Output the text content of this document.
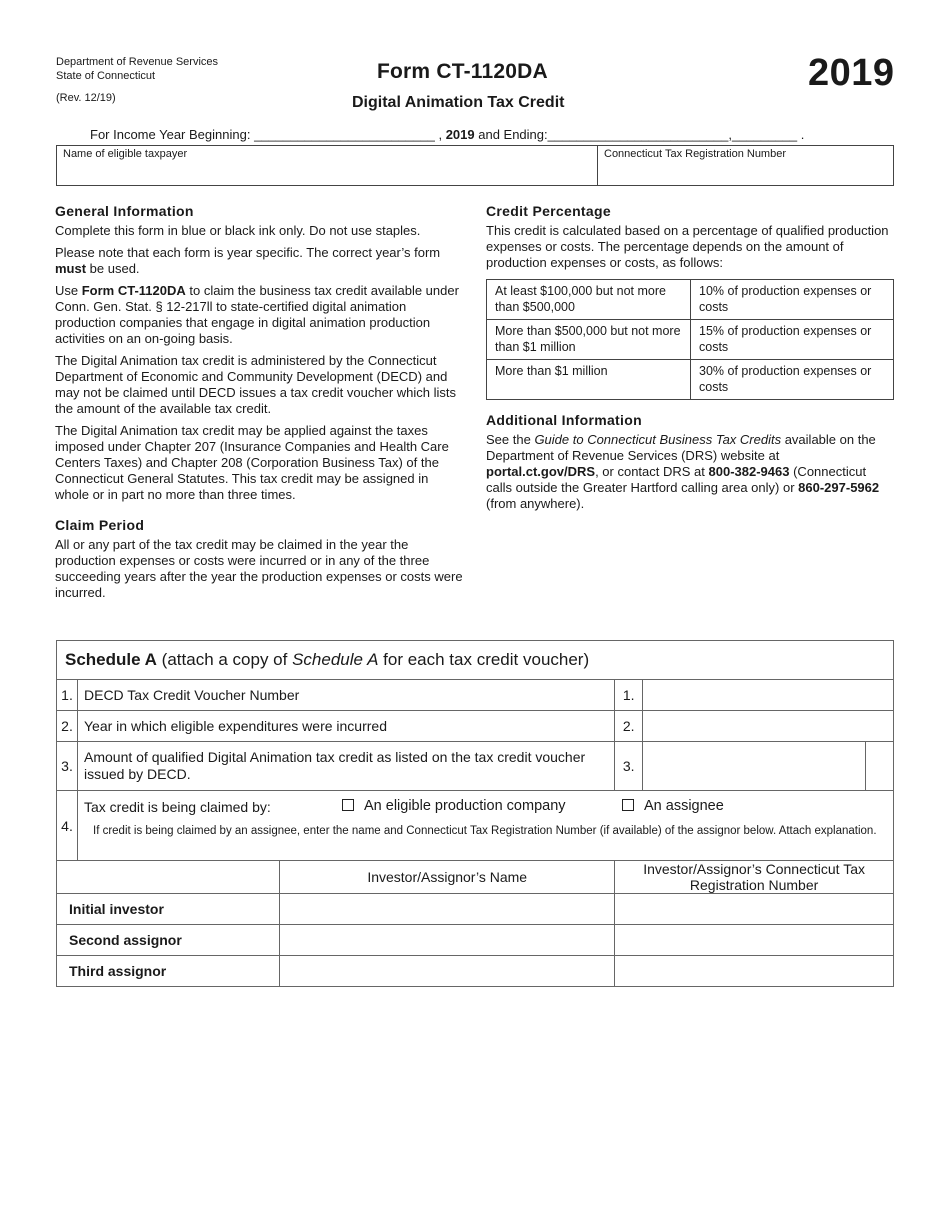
Department of Revenue Services
State of Connecticut
(Rev. 12/19)
Form CT-1120DA
Digital Animation Tax Credit
2019
For Income Year Beginning: _________________________ , 2019 and Ending:_________________________,_________ .
Name of eligible taxpayer	Connecticut Tax Registration Number
General Information

Complete this form in blue or black ink only. Do not use staples.

Please note that each form is year specific. The correct year’s form must be used.

Use Form CT-1120DA to claim the business tax credit available under Conn. Gen. Stat. § 12-217ll to state-certified digital animation production companies that engage in digital animation production activities on an on-going basis.

The Digital Animation tax credit is administered by the Connecticut Department of Economic and Community Development (DECD) and may not be claimed until DECD issues a tax credit voucher which lists the amount of the available tax credit.

The Digital Animation tax credit may be applied against the taxes imposed under Chapter 207 (Insurance Companies and Health Care Centers Taxes) and Chapter 208 (Corporation Business Tax) of the Connecticut General Statutes. This tax credit may be assigned in whole or in part no more than three times.

Claim Period

All or any part of the tax credit may be claimed in the year the production expenses or costs were incurred or in any of the three succeeding years after the year the production expenses or costs were incurred.

Credit Percentage

This credit is calculated based on a percentage of qualified production expenses or costs. The percentage depends on the amount of production expenses or costs, as follows:

At least $100,000 but not more than $500,000	10% of production expenses or costs
More than $500,000 but not more than $1 million	15% of production expenses or costs
More than $1 million	30% of production expenses or costs
Additional Information

See the Guide to Connecticut Business Tax Credits available on the Department of Revenue Services (DRS) website at portal.ct.gov/DRS, or contact DRS at 800-382-9463 (Connecticut calls outside the Greater Hartford calling area only) or 860-297-5962 (from anywhere).

Schedule A (attach a copy of Schedule A for each tax credit voucher)				
1.	DECD Tax Credit Voucher Number		1.	
2.	Year in which eligible expenditures were incurred		2.	
3.	Amount of qualified Digital Animation tax credit as listed on the tax credit voucher issued by DECD.		3.	

4.	Tax credit is being claimed by: An eligible production company An assignee
If credit is being claimed by an assignee, enter the name and Connecticut Tax Registration Number (if available) of the assignor below. Attach explanation.			

		Investor/Assignor’s Name	Investor/Assignor’s Connecticut Tax Registration Number	
Initial investor				
Second assignor				
Third assignor				
